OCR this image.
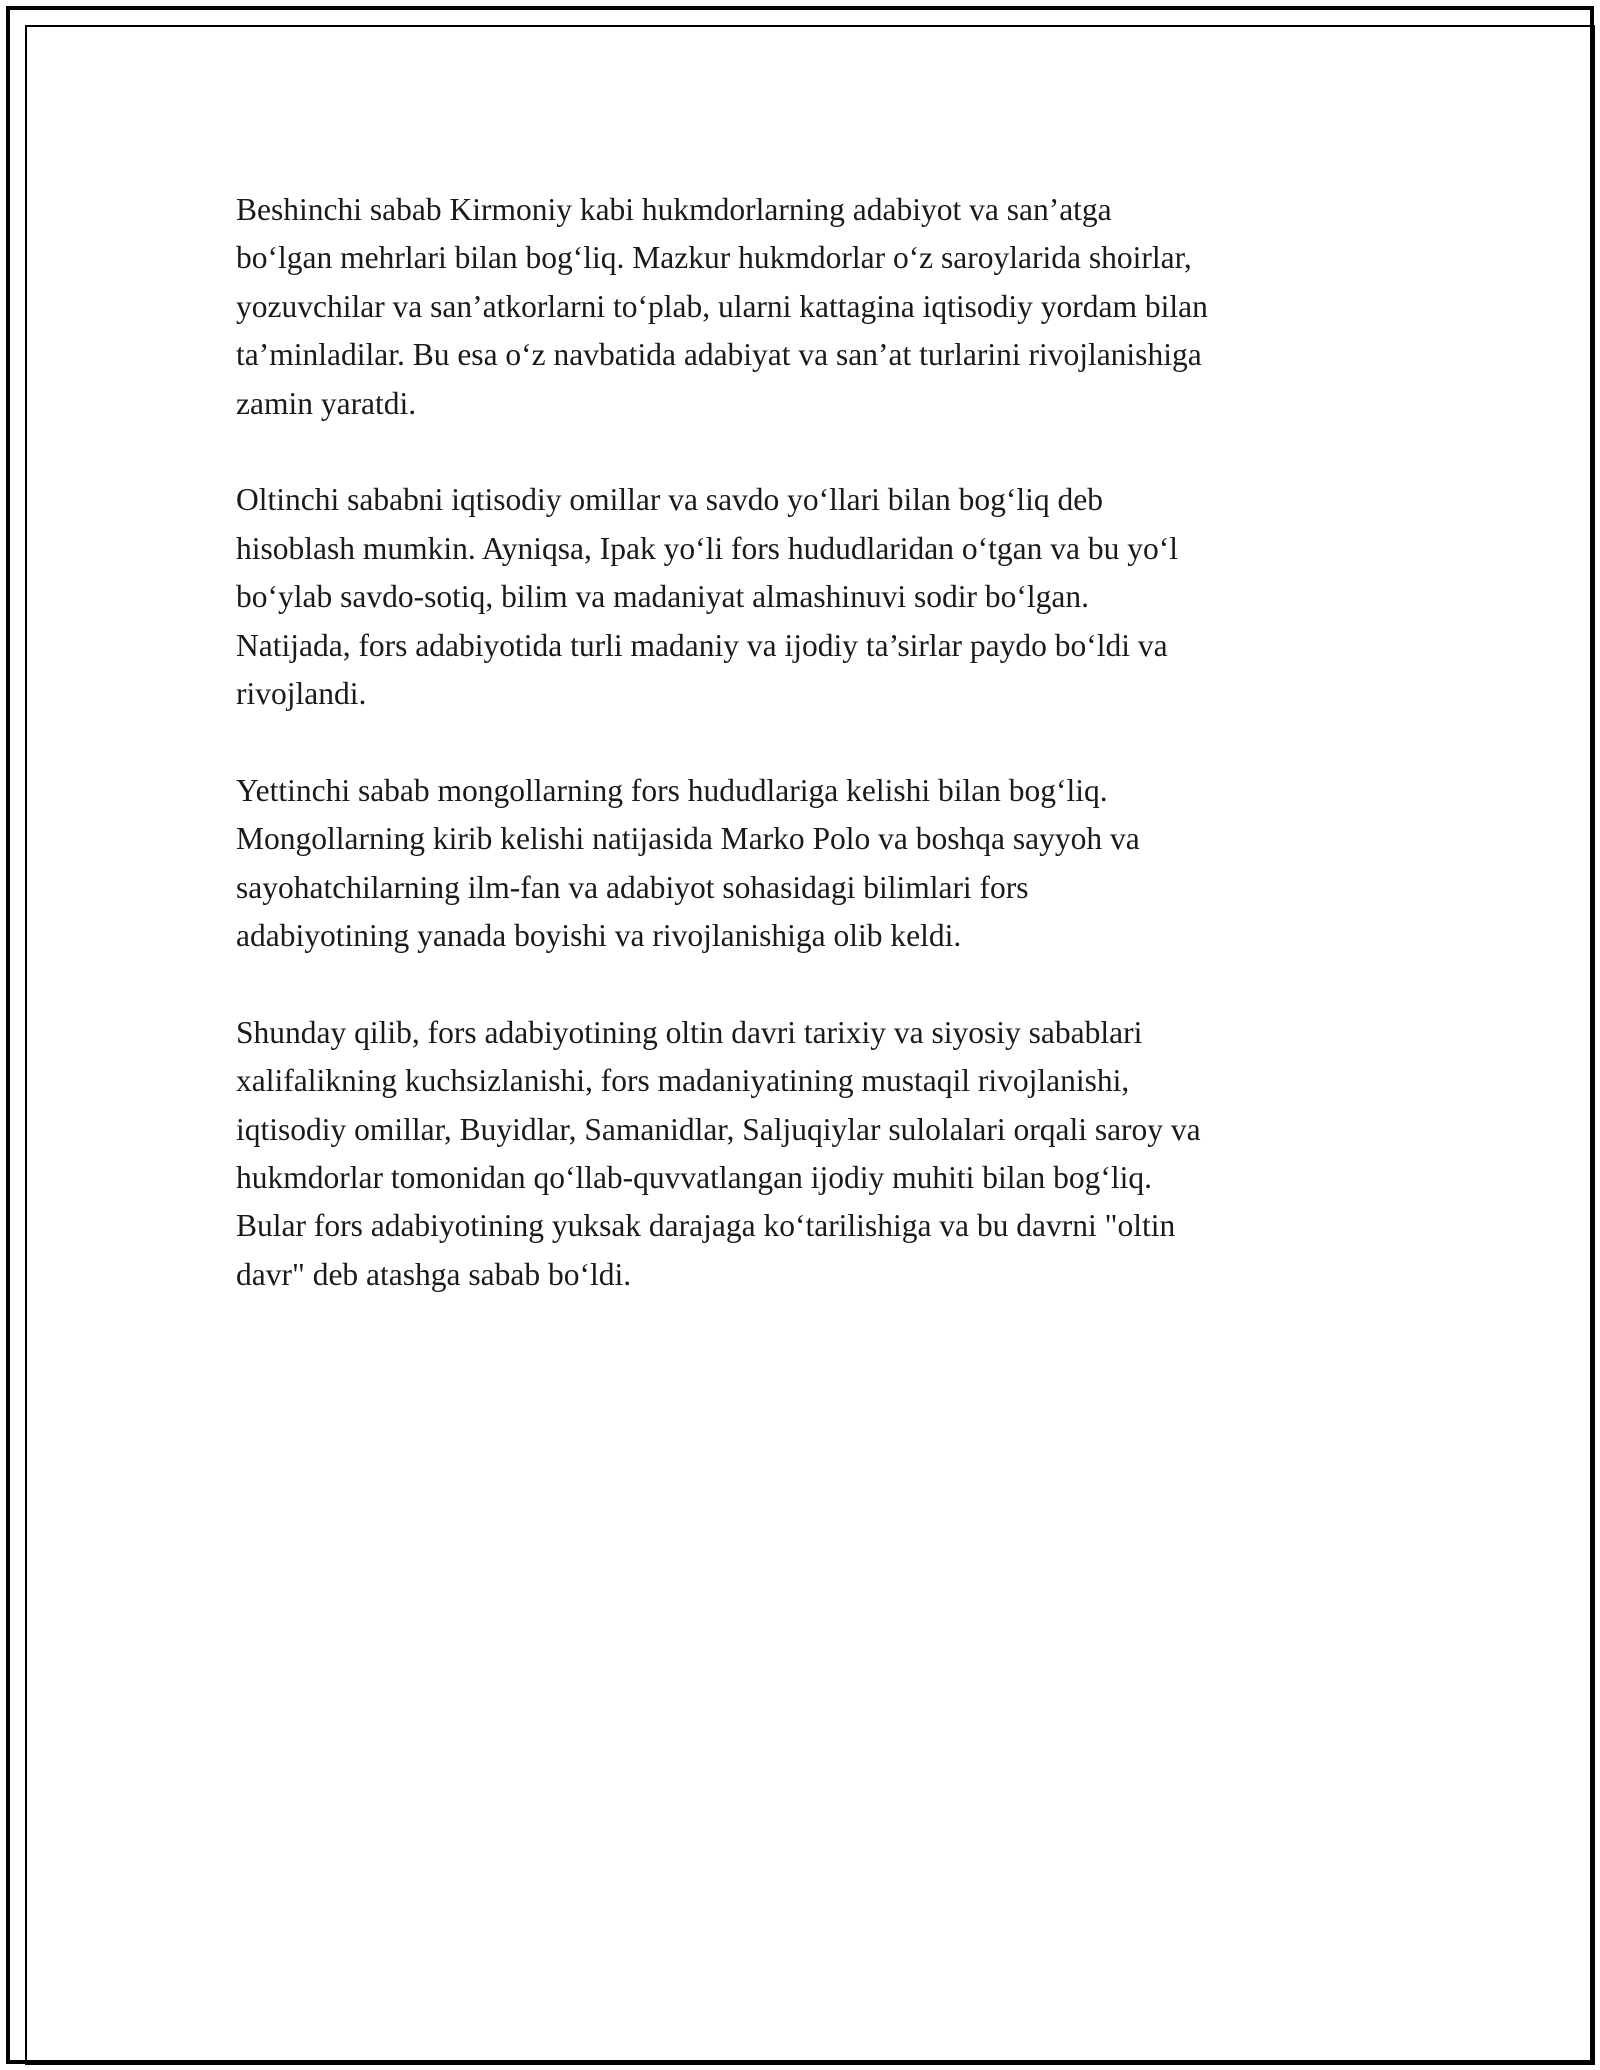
Beshinchi sabab Kirmoniy kabi hukmdorlarning adabiyot va san’atga
bo‘lgan mehrlari bilan bog‘liq. Mazkur hukmdorlar o‘z saroylarida shoirlar,
yozuvchilar va san’atkorlarni to‘plab, ularni kattagina iqtisodiy yordam bilan
ta’minladilar. Bu esa o‘z navbatida adabiyat va san’at turlarini rivojlanishiga
zamin yaratdi.

Oltinchi sababni iqtisodiy omillar va savdo yo‘llari bilan bog‘liq deb
hisoblash mumkin. Ayniqsa, Ipak yo‘li fors hududlaridan o‘tgan va bu yo‘l
bo‘ylab savdo-sotiq, bilim va madaniyat almashinuvi sodir bo‘lgan.
Natijada, fors adabiyotida turli madaniy va ijodiy ta’sirlar paydo bo‘ldi va
rivojlandi.

Yettinchi sabab mongollarning fors hududlariga kelishi bilan bog‘liq.
Mongollarning kirib kelishi natijasida Marko Polo va boshqa sayyoh va
sayohatchilarning ilm-fan va adabiyot sohasidagi bilimlari fors
adabiyotining yanada boyishi va rivojlanishiga olib keldi.

Shunday qilib, fors adabiyotining oltin davri tarixiy va siyosiy sabablari
xalifalikning kuchsizlanishi, fors madaniyatining mustaqil rivojlanishi,
iqtisodiy omillar, Buyidlar, Samanidlar, Saljuqiylar sulolalari orqali saroy va
hukmdorlar tomonidan qo‘llab-quvvatlangan ijodiy muhiti bilan bog‘liq.
Bular fors adabiyotining yuksak darajaga ko‘tarilishiga va bu davrni "oltin
davr" deb atashga sabab bo‘ldi.
